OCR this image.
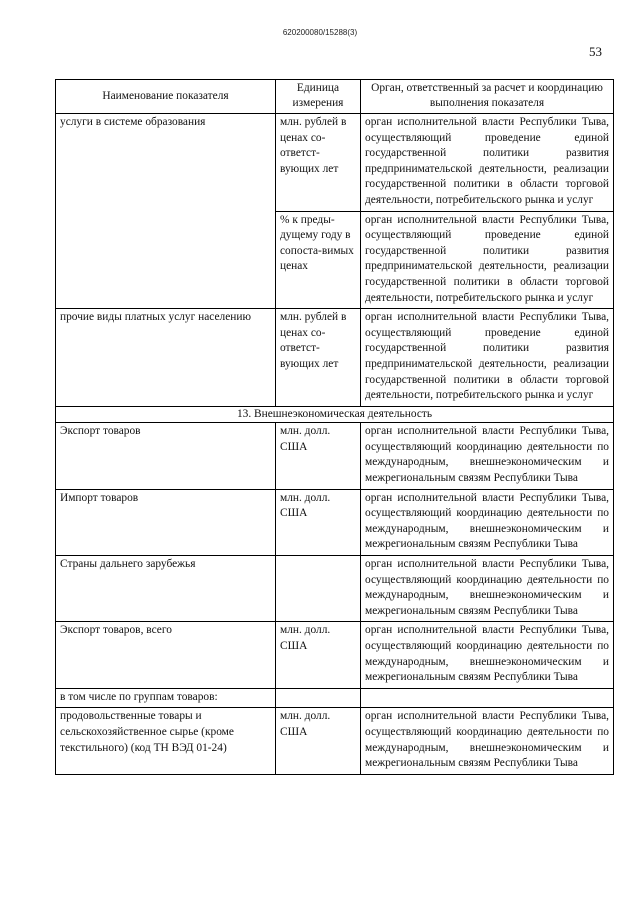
620200080/15288(3)
53
Наименование показателя	Единица измерения	Орган, ответственный за расчет и координацию выполнения показателя
услуги в системе образования	млн. рублей в ценах со-ответст-вующих лет	орган исполнительной власти Республики Тыва, осуществляющий проведение единой государственной политики развития предпринимательской деятельности, реализации государственной политики в области торговой деятельности, потребительского рынка и услуг
	% к преды-дущему году в сопоста-вимых ценах	орган исполнительной власти Республики Тыва, осуществляющий проведение единой государственной политики развития предпринимательской деятельности, реализации государственной политики в области торговой деятельности, потребительского рынка и услуг
прочие виды платных услуг населению	млн. рублей в ценах со-ответст-вующих лет	орган исполнительной власти Республики Тыва, осуществляющий проведение единой государственной политики развития предпринимательской деятельности, реализации государственной политики в области торговой деятельности, потребительского рынка и услуг
13. Внешнеэкономическая деятельность		
Экспорт товаров	млн. долл. США	орган исполнительной власти Республики Тыва, осуществляющий координацию деятельности по международным, внешнеэкономическим и межрегиональным связям Республики Тыва
Импорт товаров	млн. долл. США	орган исполнительной власти Республики Тыва, осуществляющий координацию деятельности по международным, внешнеэкономическим и межрегиональным связям Республики Тыва
Страны дальнего зарубежья		орган исполнительной власти Республики Тыва, осуществляющий координацию деятельности по международным, внешнеэкономическим и межрегиональным связям Республики Тыва
Экспорт товаров, всего	млн. долл. США	орган исполнительной власти Республики Тыва, осуществляющий координацию деятельности по международным, внешнеэкономическим и межрегиональным связям Республики Тыва
в том числе по группам товаров:		
продовольственные товары и сельскохозяйственное сырье (кроме текстильного) (код ТН ВЭД 01-24)	млн. долл. США	орган исполнительной власти Республики Тыва, осуществляющий координацию деятельности по международным, внешнеэкономическим и межрегиональным связям Республики Тыва
